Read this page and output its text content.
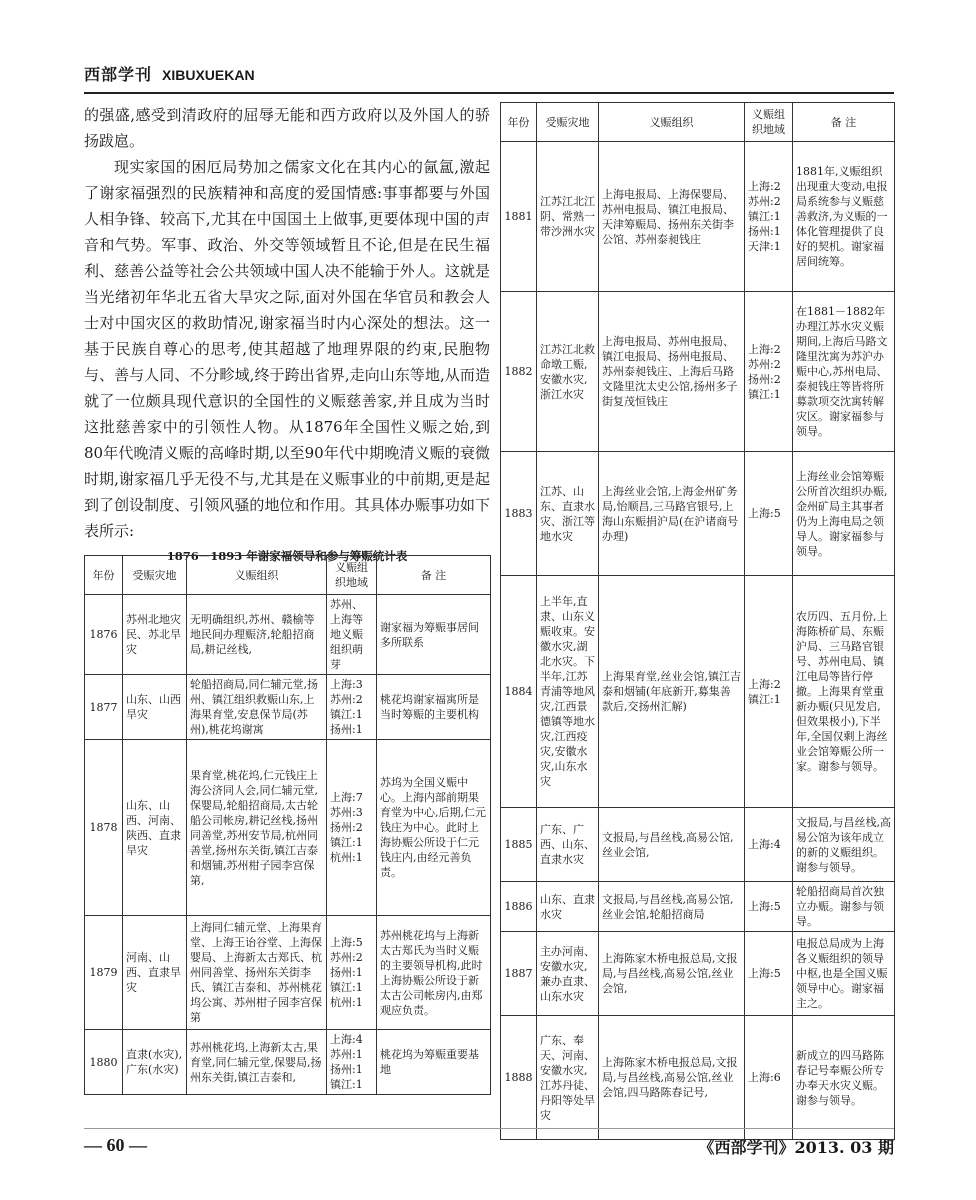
西部学刊 XIBUXUEKAN

的强盛,感受到清政府的屈辱无能和西方政府以及外国人的骄扬跋扈。

现实家国的困厄局势加之儒家文化在其内心的氤氲,激起了谢家福强烈的民族精神和高度的爱国情感:事事都要与外国人相争锋、较高下,尤其在中国国土上做事,更要体现中国的声音和气势。军事、政治、外交等领域暂且不论,但是在民生福利、慈善公益等社会公共领域中国人决不能输于外人。这就是当光绪初年华北五省大旱灾之际,面对外国在华官员和教会人士对中国灾区的救助情况,谢家福当时内心深处的想法。这一基于民族自尊心的思考,使其超越了地理界限的约束,民胞物与、善与人同、不分畛域,终于跨出省界,走向山东等地,从而造就了一位颇具现代意识的全国性的义赈慈善家,并且成为当时这批慈善家中的引领性人物。从1876年全国性义赈之始,到80年代晚清义赈的高峰时期,以至90年代中期晚清义赈的衰微时期,谢家福几乎无役不与,尤其是在义赈事业的中前期,更是起到了创设制度、引领风骚的地位和作用。其具体办赈事功如下表所示:

1876－1893 年谢家福领导和参与筹赈统计表
年份	受赈灾地	义赈组织	义赈组织地域	备 注
1876	苏州北地灾民、苏北旱灾	无明确组织,苏州、赣榆等地民间办理赈济,轮船招商局,耕记丝栈,	苏州、上海等地义赈组织萌芽	谢家福为筹赈事居间多所联系
1877	山东、山西旱灾	轮船招商局,同仁辅元堂,扬州、镇江组织救赈山东,上海果育堂,安息保节局(苏州),桃花坞谢寓	上海:3 苏州:2 镇江:1 扬州:1	桃花坞谢家福寓所是当时筹赈的主要机构
1878	山东、山西、河南、陕西、直隶旱灾	果育堂,桃花坞,仁元钱庄上海公济同人会,同仁辅元堂,保婴局,轮船招商局,太古轮船公司帐房,耕记丝栈,扬州同善堂,苏州安节局,杭州同善堂,扬州东关街,镇江吉泰和烟铺,苏州柑子园李宫保第,	上海:7 苏州:3 扬州:2 镇江:1 杭州:1	苏坞为全国义赈中心。上海内部前期果育堂为中心,后期,仁元钱庄为中心。此时上海协赈公所设于仁元钱庄内,由经元善负责。
1879	河南、山西、直隶旱灾	上海同仁辅元堂、上海果育堂、上海王诒谷堂、上海保婴局、上海新太古郑氏、杭州同善堂、扬州东关街李氏、镇江吉泰和、苏州桃花坞公寓、苏州柑子园李宫保第	上海:5 苏州:2 扬州:1 镇江:1 杭州:1	苏州桃花坞与上海新太古郑氏为当时义赈的主要领导机构,此时上海协赈公所设于新太古公司帐房内,由郑观应负责。
1880	直隶(水灾),广东(水灾)	苏州桃花坞,上海新太古,果育堂,同仁辅元堂,保婴局,扬州东关街,镇江吉泰和,	上海:4 苏州:1 扬州:1 镇江:1	桃花坞为筹赈重要基地
年份	受赈灾地	义赈组织	义赈组织地域	备 注
1881	江苏江北江阴、常熟一带沙洲水灾	上海电报局、上海保婴局、苏州电报局、镇江电报局、天津筹赈局、扬州东关街李公馆、苏州泰昶钱庄	上海:2 苏州:2 镇江:1 扬州:1 天津:1	1881年,义赈组织出现重大变动,电报局系统参与义赈慈善救济,为义赈的一体化管理提供了良好的契机。谢家福居间统筹。
1882	江苏江北救命墩工赈,安徽水灾,浙江水灾	上海电报局、苏州电报局、镇江电报局、扬州电报局、苏州泰昶钱庄、上海后马路文隆里沈太史公馆,扬州多子街复茂恒钱庄	上海:2 苏州:2 扬州:2 镇江:1	在1881－1882年办理江苏水灾义赈期间,上海后马路文隆里沈寓为苏沪办赈中心,苏州电局、泰昶钱庄等皆将所募款项交沈寓转解灾区。谢家福参与领导。
1883	江苏、山东、直隶水灾、浙江等地水灾	上海丝业会馆,上海金州矿务局,怡顺昌,三马路官银号,上海山东赈捐沪局(在沪诸商号办理)	上海:5	上海丝业会馆筹赈公所首次组织办赈,金州矿局主其事者仍为上海电局之领导人。谢家福参与领导。
1884	上半年,直隶、山东义赈收束。安徽水灾,湖北水灾。下半年,江苏青浦等地风灾,江西景德镇等地水灾,江西疫灾,安徽水灾,山东水灾	上海果育堂,丝业会馆,镇江吉泰和烟铺(年底新开,募集善款后,交扬州汇解)	上海:2 镇江:1	农历四、五月份,上海陈桥矿局、东赈沪局、三马路官银号、苏州电局、镇江电局等皆行停撤。上海果育堂重新办赈(只见发启,但效果极小),下半年,全国仅剩上海丝业会馆筹赈公所一家。谢参与领导。
1885	广东、广西、山东、直隶水灾	文报局,与昌丝栈,高易公馆,丝业会馆,	上海:4	文报局,与昌丝栈,高易公馆为该年成立的新的义赈组织。谢参与领导。
1886	山东、直隶水灾	文报局,与昌丝栈,高易公馆,丝业会馆,轮船招商局	上海:5	轮船招商局首次独立办赈。谢参与领导。
1887	主办河南、安徽水灾,兼办直隶、山东水灾	上海陈家木桥电报总局,文报局,与昌丝栈,高易公馆,丝业会馆,	上海:5	电报总局成为上海各义赈组织的领导中枢,也是全国义赈领导中心。谢家福主之。
1888	广东、奉天、河南、安徽水灾,江苏丹徒、丹阳等处旱灾	上海陈家木桥电报总局,文报局,与昌丝栈,高易公馆,丝业会馆,四马路陈春记号,	上海:6	新成立的四马路陈春记号奉赈公所专办奉天水灾义赈。谢参与领导。
— 60 —	《西部学刊》2013. 03 期
